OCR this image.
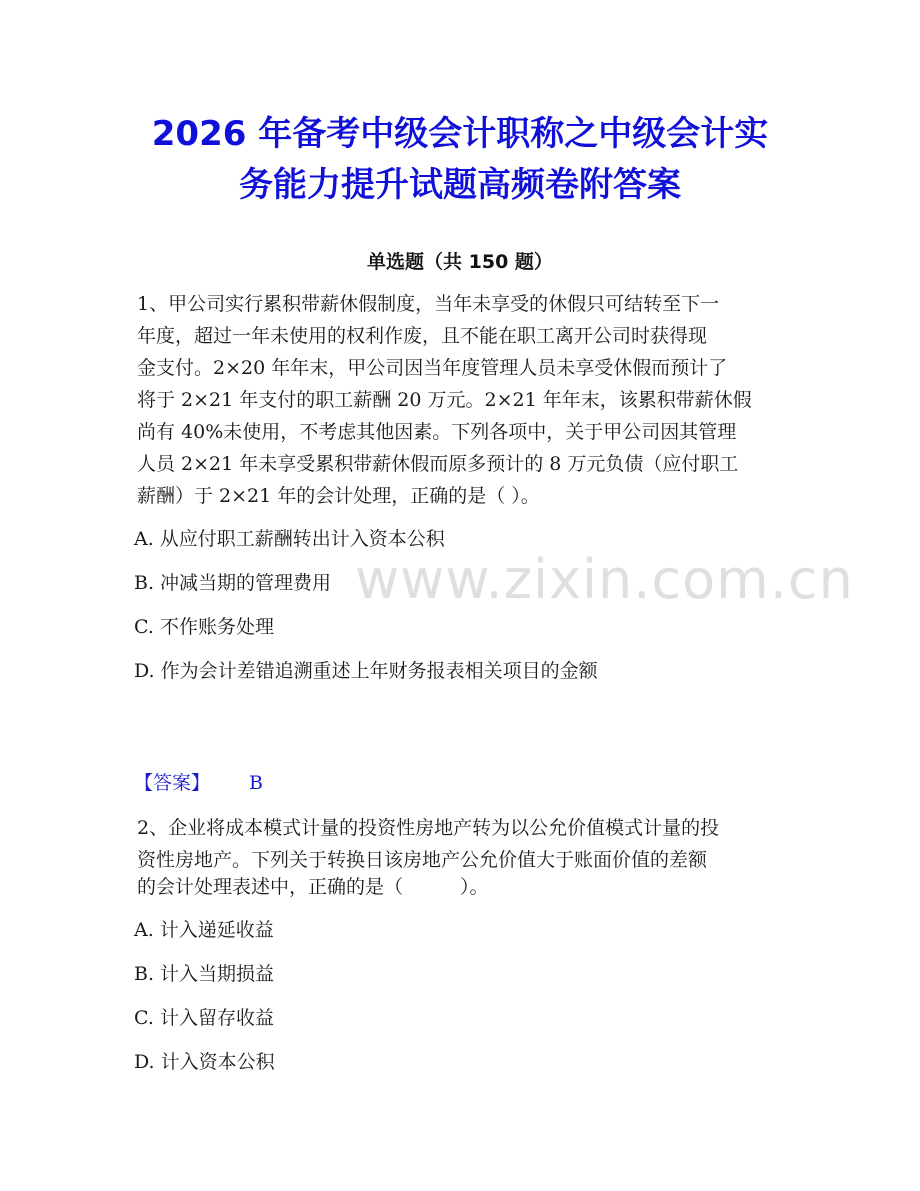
2026 年备考中级会计职称之中级会计实
务能力提升试题高频卷附答案
单选题（共 150 题）
1、甲公司实行累积带薪休假制度，当年未享受的休假只可结转至下一
年度，超过一年未使用的权利作废，且不能在职工离开公司时获得现
金支付。2×20 年年末，甲公司因当年度管理人员未享受休假而预计了
将于 2×21 年支付的职工薪酬 20 万元。2×21 年年末，该累积带薪休假
尚有 40%未使用，不考虑其他因素。下列各项中，关于甲公司因其管理
人员 2×21 年未享受累积带薪休假而原多预计的 8 万元负债（应付职工
薪酬）于 2×21 年的会计处理，正确的是（ ）。
A. 从应付职工薪酬转出计入资本公积
B. 冲减当期的管理费用
C. 不作账务处理
D. 作为会计差错追溯重述上年财务报表相关项目的金额
【答案】 B
2、企业将成本模式计量的投资性房地产转为以公允价值模式计量的投
资性房地产。下列关于转换日该房地产公允价值大于账面价值的差额
的会计处理表述中，正确的是（　　　）。
A. 计入递延收益
B. 计入当期损益
C. 计入留存收益
D. 计入资本公积
www.zixin.com.cn
